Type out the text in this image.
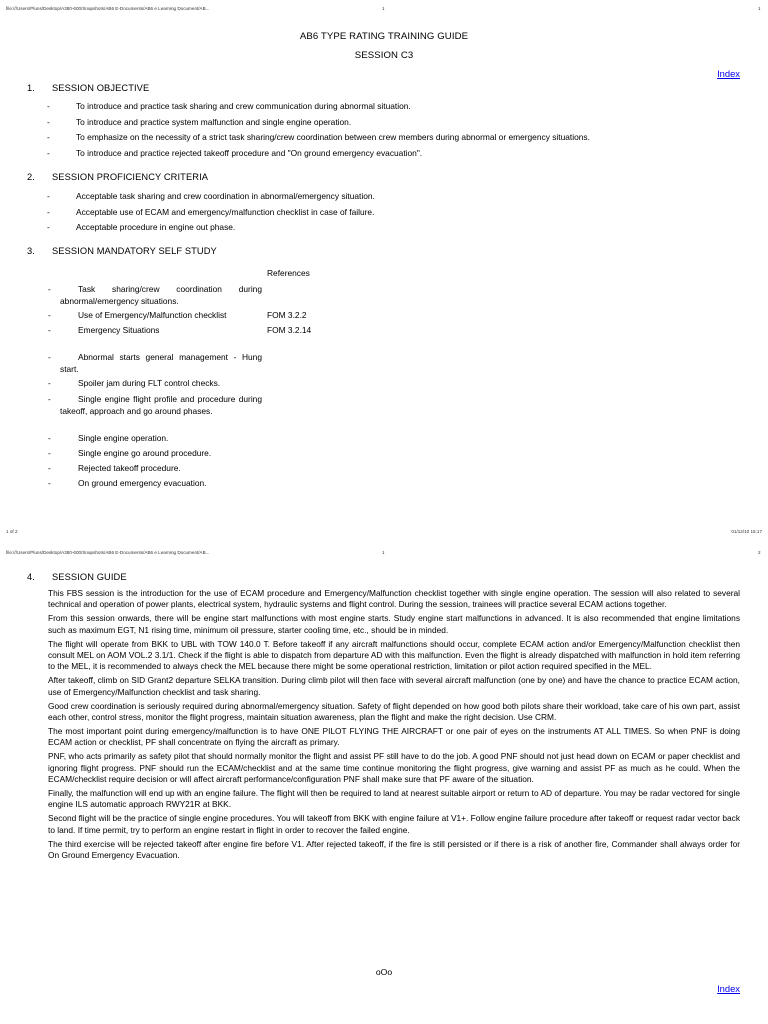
file:///Users/Pluns/Desktop/A380-600/Snapshots/AB6 E-Documents/AB6 e Learning Document/AB...	1	1
AB6 TYPE RATING TRAINING GUIDE
SESSION C3
Index
1. SESSION OBJECTIVE
- To introduce and practice task sharing and crew communication during abnormal situation.
- To introduce and practice system malfunction and single engine operation.
- To emphasize on the necessity of a strict task sharing/crew coordination between crew members during abnormal or emergency situations.
- To introduce and practice rejected takeoff procedure and "On ground emergency evacuation".
2. SESSION PROFICIENCY CRITERIA
- Acceptable task sharing and crew coordination in abnormal/emergency situation.
- Acceptable use of ECAM and emergency/malfunction checklist in case of failure.
- Acceptable procedure in engine out phase.
3. SESSION MANDATORY SELF STUDY
References
-	Task sharing/crew coordination during abnormal/emergency situations.
-	Use of Emergency/Malfunction checklist	FOM 3.2.2
-	Emergency Situations	FOM 3.2.14
-	Abnormal starts general management - Hung start.
-	Spoiler jam during FLT control checks.
-	Single engine flight profile and procedure during takeoff, approach and go around phases.
-	Single engine operation.
-	Single engine go around procedure.
-	Rejected takeoff procedure.
-	On ground emergency evacuation.
1 of 2	01/12/10 15:17
file:///Users/Pluns/Desktop/A380-600/Snapshots/AB6 E-Documents/AB6 e Learning Document/AB...	1	2
4. SESSION GUIDE

This FBS session is the introduction for the use of ECAM procedure and Emergency/Malfunction checklist together with single engine operation. The session will also related to several technical and operation of power plants, electrical system, hydraulic systems and flight control. During the session, trainees will practice several ECAM actions together.

From this session onwards, there will be engine start malfunctions with most engine starts. Study engine start malfunctions in advanced. It is also recommended that engine limitations such as maximum EGT, N1 rising time, minimum oil pressure, starter cooling time, etc., should be in minded.

The flight will operate from BKK to UBL with TOW 140.0 T. Before takeoff if any aircraft malfunctions should occur, complete ECAM action and/or Emergency/Malfunction checklist then consult MEL on AOM VOL.2 3.1/1. Check if the flight is able to dispatch from departure AD with this malfunction. Even the flight is already dispatched with malfunction in hold item referring to the MEL, it is recommended to always check the MEL because there might be some operational restriction, limitation or pilot action required specified in the MEL.

After takeoff, climb on SID Grant2 departure SELKA transition. During climb pilot will then face with several aircraft malfunction (one by one) and have the chance to practice ECAM action, use of Emergency/Malfunction checklist and task sharing.

Good crew coordination is seriously required during abnormal/emergency situation. Safety of flight depended on how good both pilots share their workload, take care of his own part, assist each other, control stress, monitor the flight progress, maintain situation awareness, plan the flight and make the right decision. Use CRM.

The most important point during emergency/malfunction is to have ONE PILOT FLYING THE AIRCRAFT or one pair of eyes on the instruments AT ALL TIMES. So when PNF is doing ECAM action or checklist, PF shall concentrate on flying the aircraft as primary.

PNF, who acts primarily as safety pilot that should normally monitor the flight and assist PF still have to do the job. A good PNF should not just head down on ECAM or paper checklist and ignoring flight progress. PNF should run the ECAM/checklist and at the same time continue monitoring the flight progress, give warning and assist PF as much as he could. When the ECAM/checklist require decision or will affect aircraft performance/configuration PNF shall make sure that PF aware of the situation.

Finally, the malfunction will end up with an engine failure. The flight will then be required to land at nearest suitable airport or return to AD of departure. You may be radar vectored for single engine ILS automatic approach RWY21R at BKK.

Second flight will be the practice of single engine procedures. You will takeoff from BKK with engine failure at V1+. Follow engine failure procedure after takeoff or request radar vector back to land. If time permit, try to perform an engine restart in flight in order to recover the failed engine.

The third exercise will be rejected takeoff after engine fire before V1. After rejected takeoff, if the fire is still persisted or if there is a risk of another fire, Commander shall always order for On Ground Emergency Evacuation.

oOo
Index
